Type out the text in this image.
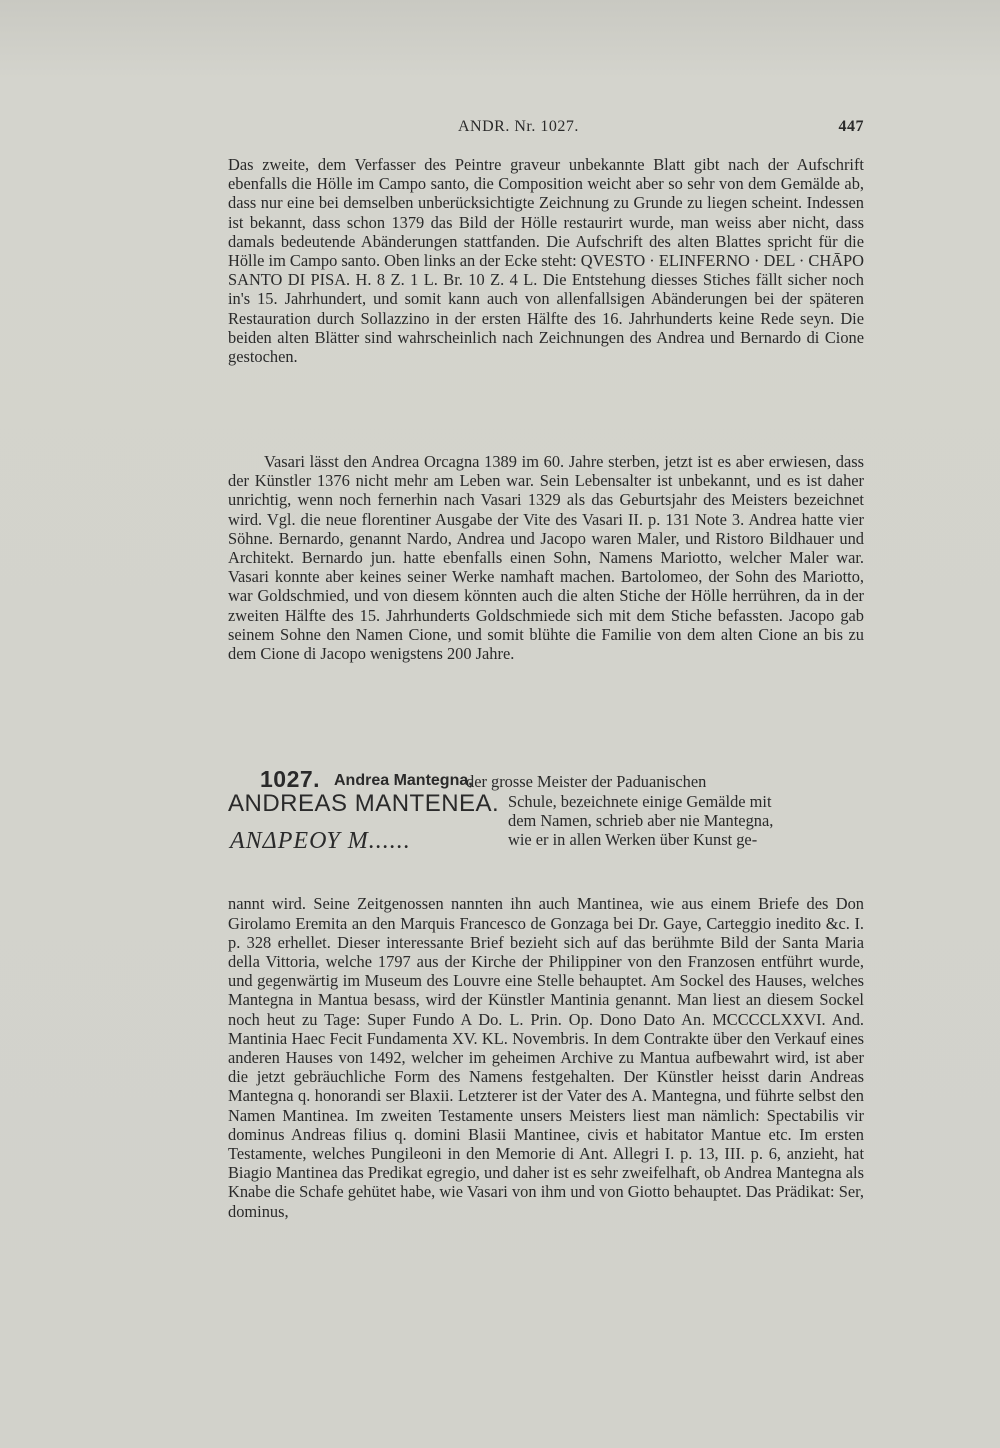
ANDR. Nr. 1027.	447

Das zweite, dem Verfasser des Peintre graveur unbekannte Blatt gibt nach der Aufschrift ebenfalls die Hölle im Campo santo, die Composition weicht aber so sehr von dem Gemälde ab, dass nur eine bei demselben unberücksichtigte Zeichnung zu Grunde zu liegen scheint. Indessen ist bekannt, dass schon 1379 das Bild der Hölle restaurirt wurde, man weiss aber nicht, dass damals bedeutende Abänderungen stattfanden. Die Aufschrift des alten Blattes spricht für die Hölle im Campo santo. Oben links an der Ecke steht: QVESTO · ELINFERNO · DEL · CHĀPO SANTO DI PISA. H. 8 Z. 1 L. Br. 10 Z. 4 L. Die Entstehung diesses Stiches fällt sicher noch in's 15. Jahrhundert, und somit kann auch von allenfallsigen Abänderungen bei der späteren Restauration durch Sollazzino in der ersten Hälfte des 16. Jahrhunderts keine Rede seyn. Die beiden alten Blätter sind wahrscheinlich nach Zeichnungen des Andrea und Bernardo di Cione gestochen.

Vasari lässt den Andrea Orcagna 1389 im 60. Jahre sterben, jetzt ist es aber erwiesen, dass der Künstler 1376 nicht mehr am Leben war. Sein Lebensalter ist unbekannt, und es ist daher unrichtig, wenn noch fernerhin nach Vasari 1329 als das Geburtsjahr des Meisters bezeichnet wird. Vgl. die neue florentiner Ausgabe der Vite des Vasari II. p. 131 Note 3. Andrea hatte vier Söhne. Bernardo, genannt Nardo, Andrea und Jacopo waren Maler, und Ristoro Bildhauer und Architekt. Bernardo jun. hatte ebenfalls einen Sohn, Namens Mariotto, welcher Maler war. Vasari konnte aber keines seiner Werke namhaft machen. Bartolomeo, der Sohn des Mariotto, war Goldschmied, und von diesem könnten auch die alten Stiche der Hölle herrühren, da in der zweiten Hälfte des 15. Jahrhunderts Goldschmiede sich mit dem Stiche befassten. Jacopo gab seinem Sohne den Namen Cione, und somit blühte die Familie von dem alten Cione an bis zu dem Cione di Jacopo wenigstens 200 Jahre.

1027. Andrea Mantegna,
der grosse Meister der Paduanischen
ANDREAS MANTENEA.
ΑΝΔΡΕΟΥ Μ......
Schule, bezeichnete einige Gemälde mit
dem Namen, schrieb aber nie Mantegna,
wie er in allen Werken über Kunst ge-

nannt wird. Seine Zeitgenossen nannten ihn auch Mantinea, wie aus einem Briefe des Don Girolamo Eremita an den Marquis Francesco de Gonzaga bei Dr. Gaye, Carteggio inedito &c. I. p. 328 erhellet. Dieser interessante Brief bezieht sich auf das berühmte Bild der Santa Maria della Vittoria, welche 1797 aus der Kirche der Philippiner von den Franzosen entführt wurde, und gegenwärtig im Museum des Louvre eine Stelle behauptet. Am Sockel des Hauses, welches Mantegna in Mantua besass, wird der Künstler Mantinia genannt. Man liest an diesem Sockel noch heut zu Tage: Super Fundo A Do. L. Prin. Op. Dono Dato An. MCCCCLXXVI. And. Mantinia Haec Fecit Fundamenta XV. KL. Novembris. In dem Contrakte über den Verkauf eines anderen Hauses von 1492, welcher im geheimen Archive zu Mantua aufbewahrt wird, ist aber die jetzt gebräuchliche Form des Namens festgehalten. Der Künstler heisst darin Andreas Mantegna q. honorandi ser Blaxii. Letzterer ist der Vater des A. Mantegna, und führte selbst den Namen Mantinea. Im zweiten Testamente unsers Meisters liest man nämlich: Spectabilis vir dominus Andreas filius q. domini Blasii Mantinee, civis et habitator Mantue etc. Im ersten Testamente, welches Pungileoni in den Memorie di Ant. Allegri I. p. 13, III. p. 6, anzieht, hat Biagio Mantinea das Predikat egregio, und daher ist es sehr zweifelhaft, ob Andrea Mantegna als Knabe die Schafe gehütet habe, wie Vasari von ihm und von Giotto behauptet. Das Prädikat: Ser, dominus,
